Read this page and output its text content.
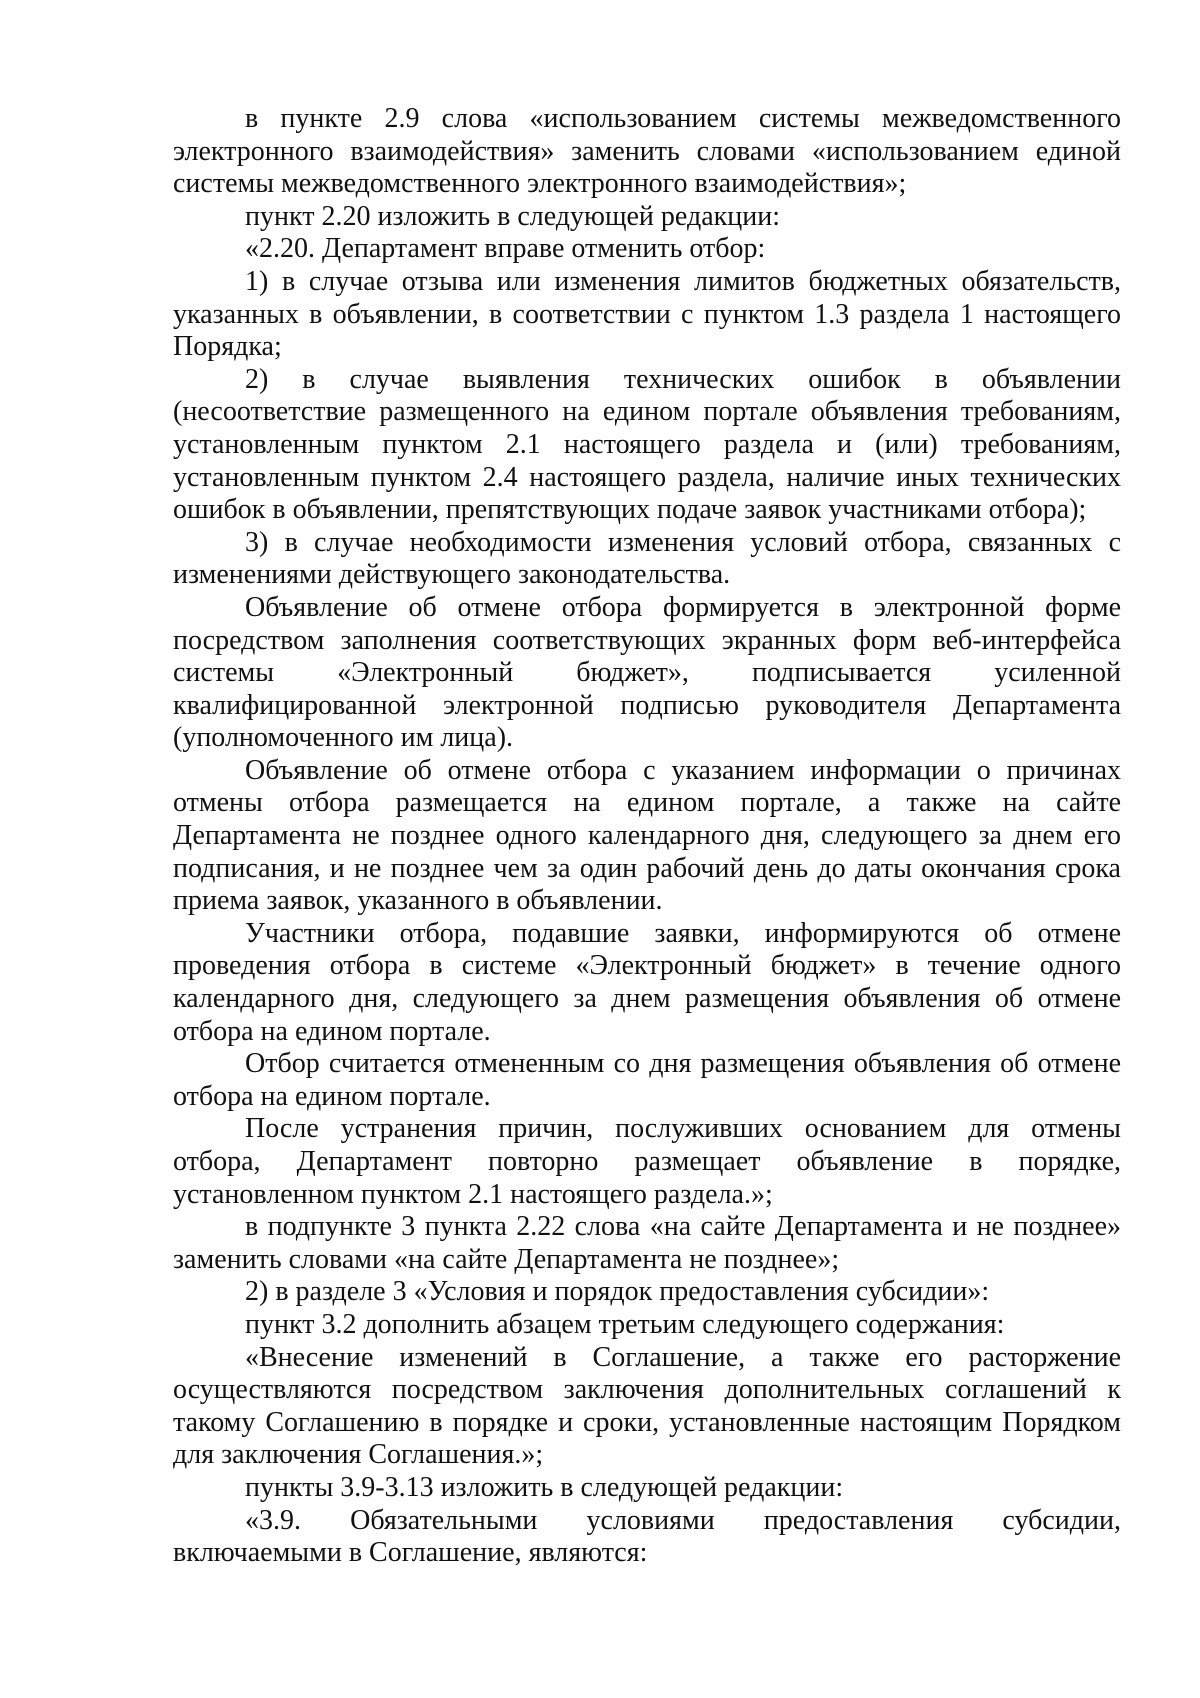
в пункте 2.9 слова «использованием системы межведомственного электронного взаимодействия» заменить словами «использованием единой системы межведомственного электронного взаимодействия»;

пункт 2.20 изложить в следующей редакции:

«2.20. Департамент вправе отменить отбор:

1) в случае отзыва или изменения лимитов бюджетных обязательств, указанных в объявлении, в соответствии с пунктом 1.3 раздела 1 настоящего Порядка;

2) в случае выявления технических ошибок в объявлении (несоответствие размещенного на едином портале объявления требованиям, установленным пунктом 2.1 настоящего раздела и (или) требованиям, установленным пунктом 2.4 настоящего раздела, наличие иных технических ошибок в объявлении, препятствующих подаче заявок участниками отбора);

3) в случае необходимости изменения условий отбора, связанных с изменениями действующего законодательства.

Объявление об отмене отбора формируется в электронной форме посредством заполнения соответствующих экранных форм веб-интерфейса системы «Электронный бюджет», подписывается усиленной квалифицированной электронной подписью руководителя Департамента (уполномоченного им лица).

Объявление об отмене отбора с указанием информации о причинах отмены отбора размещается на едином портале, а также на сайте Департамента не позднее одного календарного дня, следующего за днем его подписания, и не позднее чем за один рабочий день до даты окончания срока приема заявок, указанного в объявлении.

Участники отбора, подавшие заявки, информируются об отмене проведения отбора в системе «Электронный бюджет» в течение одного календарного дня, следующего за днем размещения объявления об отмене отбора на едином портале.

Отбор считается отмененным со дня размещения объявления об отмене отбора на едином портале.

После устранения причин, послуживших основанием для отмены отбора, Департамент повторно размещает объявление в порядке, установленном пунктом 2.1 настоящего раздела.»;

в подпункте 3 пункта 2.22 слова «на сайте Департамента и не позднее» заменить словами «на сайте Департамента не позднее»;

2) в разделе 3 «Условия и порядок предоставления субсидии»:

пункт 3.2 дополнить абзацем третьим следующего содержания:

«Внесение изменений в Соглашение, а также его расторжение осуществляются посредством заключения дополнительных соглашений к такому Соглашению в порядке и сроки, установленные настоящим Порядком для заключения Соглашения.»;

пункты 3.9-3.13 изложить в следующей редакции:

«3.9. Обязательными условиями предоставления субсидии, включаемыми в Соглашение, являются:
